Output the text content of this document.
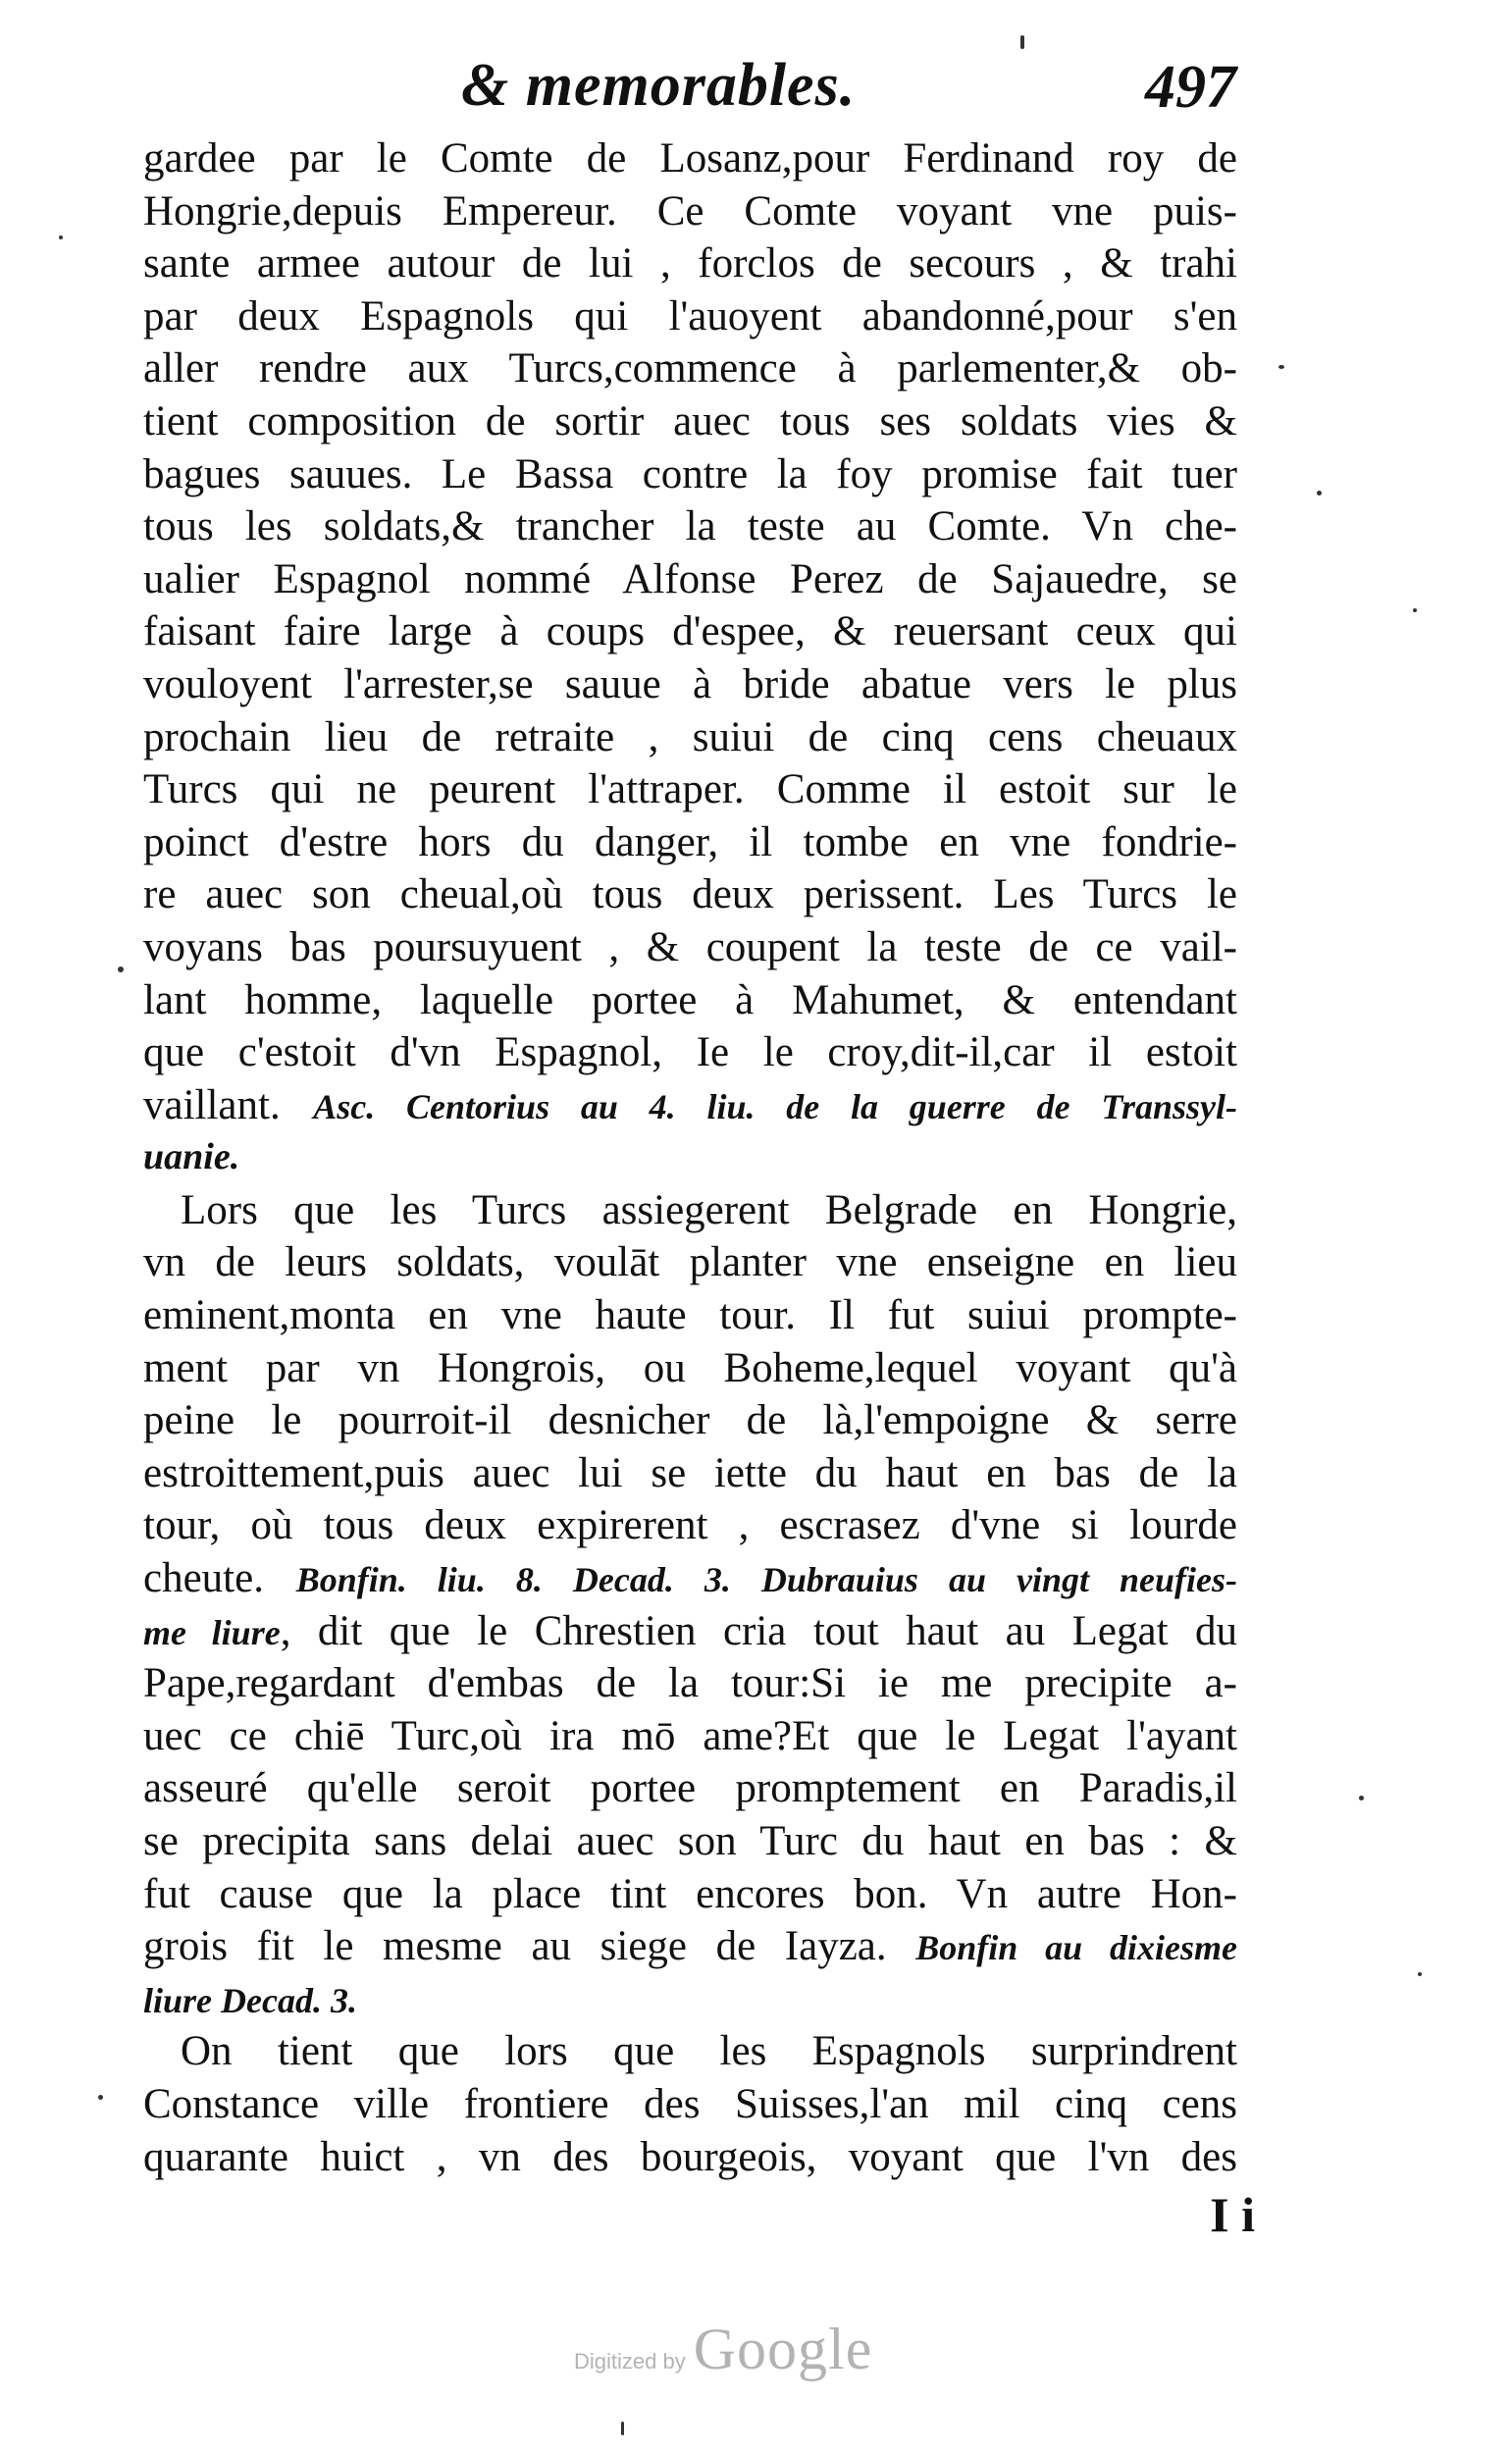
& memorables.	497
gardee par le Comte de Losanz,pour Ferdinand roy de
Hongrie,depuis Empereur. Ce Comte voyant vne puis-
sante armee autour de lui , forclos de secours , & trahi
par deux Espagnols qui l'auoyent abandonné,pour s'en
aller rendre aux Turcs,commence à parlementer,& ob-
tient composition de sortir auec tous ses soldats vies &
bagues sauues. Le Bassa contre la foy promise fait tuer
tous les soldats,& trancher la teste au Comte. Vn che-
ualier Espagnol nommé Alfonse Perez de Sajauedre, se
faisant faire large à coups d'espee, & reuersant ceux qui
vouloyent l'arrester,se sauue à bride abatue vers le plus
prochain lieu de retraite , suiui de cinq cens cheuaux
Turcs qui ne peurent l'attraper. Comme il estoit sur le
poinct d'estre hors du danger, il tombe en vne fondrie-
re auec son cheual,où tous deux perissent. Les Turcs le
voyans bas poursuyuent , & coupent la teste de ce vail-
lant homme, laquelle portee à Mahumet, & entendant
que c'estoit d'vn Espagnol, Ie le croy,dit-il,car il estoit
vaillant. Asc. Centorius au 4. liu. de la guerre de Transsyl-
uanie.
Lors que les Turcs assiegerent Belgrade en Hongrie,
vn de leurs soldats, voulāt planter vne enseigne en lieu
eminent,monta en vne haute tour. Il fut suiui promptе-
ment par vn Hongrois, ou Boheme,lequel voyant qu'à
peine le pourroit-il desnicher de là,l'empoigne & serre
estroittement,puis auec lui se iette du haut en bas de la
tour, où tous deux expirerent , escrasez d'vne si lourde
cheute. Bonfin. liu. 8. Decad. 3. Dubrauius au vingt neufies-
me liure, dit que le Chrestien cria tout haut au Legat du
Pape,regardant d'embas de la tour:Si ie me precipite a-
uec ce chiē Turc,où ira mō ame?Et que le Legat l'ayant
asseuré qu'elle seroit portee promptement en Paradis,il
se precipita sans delai auec son Turc du haut en bas : &
fut cause que la place tint encores bon. Vn autre Hon-
grois fit le mesme au siege de Iayza. Bonfin au dixiesme
liure Decad. 3.
On tient que lors que les Espagnols surprindrent
Constance ville frontiere des Suisses,l'an mil cinq cens
quarante huict , vn des bourgeois, voyant que l'vn des
I i
Digitized by Google
